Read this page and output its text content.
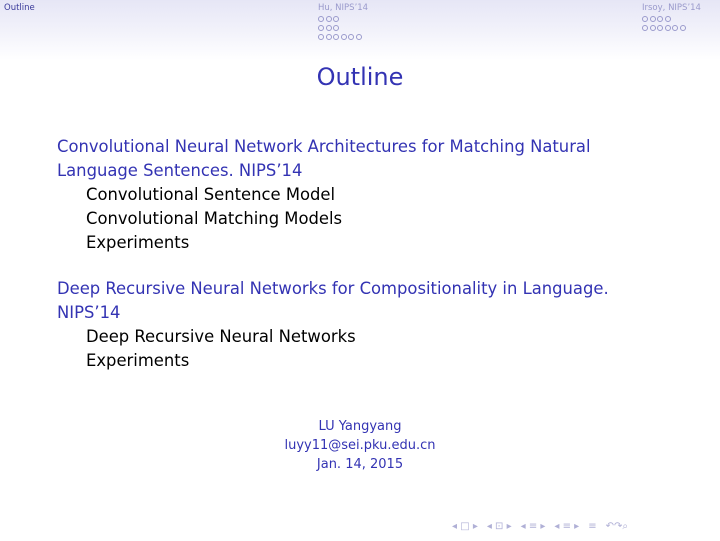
Outline	Hu, NIPS’14	Irsoy, NIPS’14
Outline
Convolutional Neural Network Architectures for Matching Natural
Language Sentences. NIPS’14
Convolutional Sentence Model
Convolutional Matching Models
Experiments
Deep Recursive Neural Networks for Compositionality in Language.
NIPS’14
Deep Recursive Neural Networks
Experiments
LU Yangyang
luyy11@sei.pku.edu.cn
Jan. 14, 2015
◂ □ ▸ ◂ ⊡ ▸ ◂ ≡ ▸ ◂ ≡ ▸ ≡ ↶↷⌕
